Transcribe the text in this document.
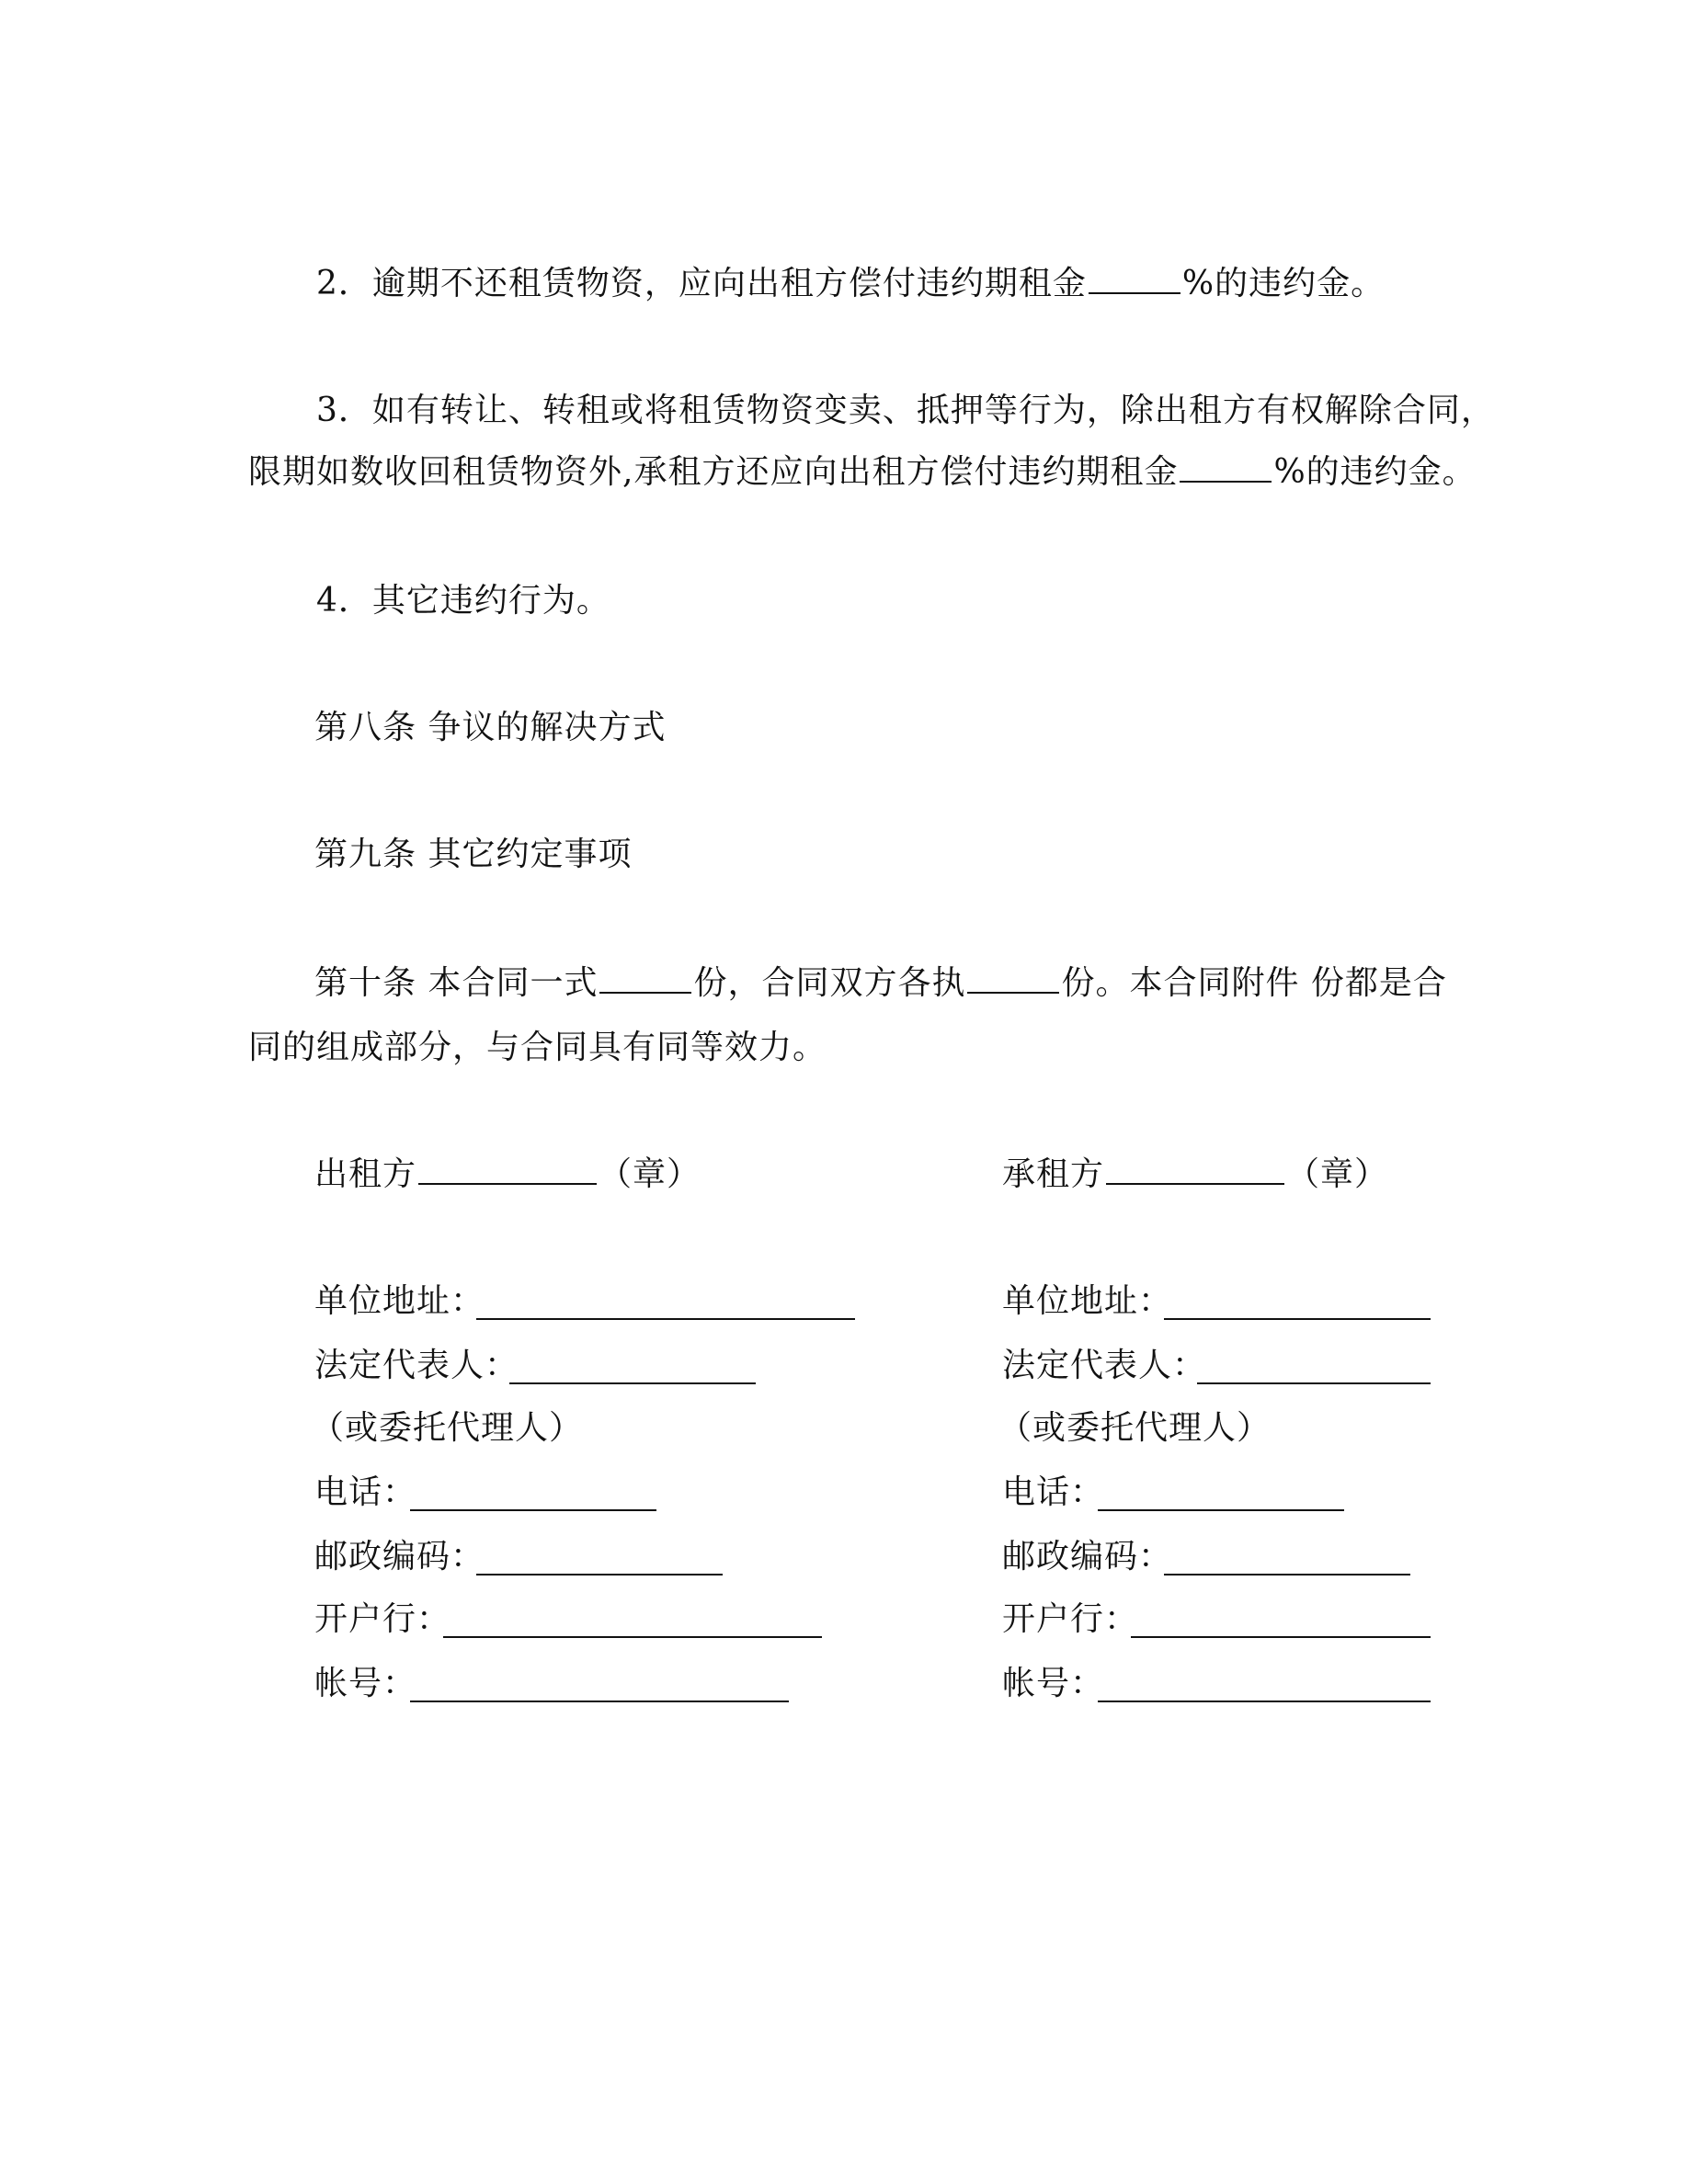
2．逾期不还租赁物资，应向出租方偿付违约期租金	%的违约金。
3．如有转让、转租或将租赁物资变卖、抵押等行为，除出租方有权解除合同，
限期如数收回租赁物资外,承租方还应向出租方偿付违约期租金	%的违约金。
4．其它违约行为。
第八条 争议的解决方式
第九条 其它约定事项
第十条 本合同一式	份，合同双方各执	份。本合同附件 份都是合
同的组成部分，与合同具有同等效力。
出租方	（章）
单位地址：
法定代表人：
（或委托代理人）
电话：
邮政编码：
开户行：
帐号：
承租方	（章）
单位地址：
法定代表人：
（或委托代理人）
电话：
邮政编码：
开户行：
帐号：
